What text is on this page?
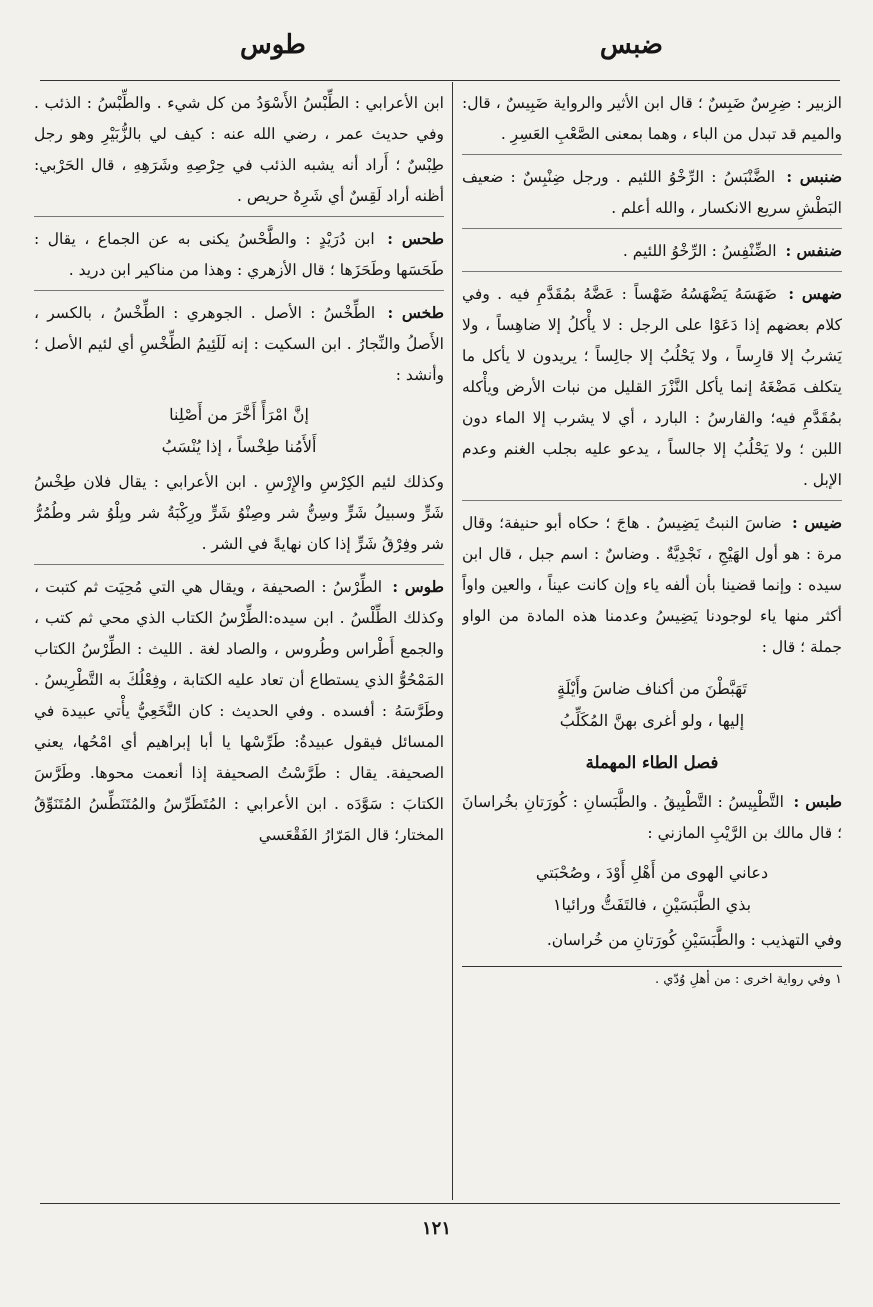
طوس	ضبس

الزبير : ضِرِسٌ ضَبِسٌ ؛ قال ابن الأثير والرواية ضَبِيسٌ ، قال: والميم قد تبدل من الباء ، وهما بمعنى الصَّعْبِ العَسِرِ .

ضنبس : الضَّنْبَسُ : الرِّخْوُ اللئيم . ورجل ضِنْبِسٌ : ضعيف البَطْشِ سريع الانكسار ، والله أعلم .

ضنفس : الضِّنْفِسُ : الرِّخْوُ اللئيم .

ضهس : ضَهَسَهُ يَضْهَسُهُ ضَهْساً : عَضَّهُ بمُقَدَّمِ فيه . وفي كلام بعضهم إذا دَعَوْا على الرجل : لا يأْكلُ إلا ضاهِساً ، ولا يَشربُ إلا قارِساً ، ولا يَحْلُبُ إلا جالِساً ؛ يريدون لا يأكل ما يتكلف مَضْغَهُ إنما يأكل النَّزْرَ القليل من نبات الأرض ويأْكله بمُقَدَّمِ فيه؛ والقارسُ : البارد ، أي لا يشرب إلا الماء دون اللبن ؛ ولا يَحْلُبُ إلا جالساً ، يدعو عليه بجلب الغنم وعدم الإبل .

ضيس : ضاسَ النبتُ يَضِيسُ . هاجَ ؛ حكاه أبو حنيفة؛ وقال مرة : هو أول الهَيْجِ ، نَجْدِيَّةٌ . وضاسٌ : اسم جبل ، قال ابن سيده : وإنما قضينا بأن ألفه ياء وإن كانت عيناً ، والعين واواً أكثر منها ياء لوجودنا يَضِيسُ وعدمنا هذه المادة من الواو جملة ؛ قال :

تَهَبَّطْنَ من أكناف ضاسَ وأَيْلَةٍ
إليها ، ولو أغرى بهنَّ المُكَلِّبُ
فصل الطاء المهملة

طبس : التَّطْبِيسُ : التَّطْبِيقُ . والطَّبَسانِ : كُورَتانِ بخُراسانَ ؛ قال مالك بن الرَّيْبِ المازني :

دعاني الهوى من أَهْلِ أَوْدَ ، وصُحْبَتي
بذي الطَّبَسَيْنِ ، فالتَفَتُّ ورائيا١

وفي التهذيب : والطَّبَسَيْنِ كُورَتانِ من خُراسان.

١ وفي رواية اخرى : من أهلِ وُدّي .

ابن الأعرابي : الطِّبْسُ الأَسْوَدُ من كل شيء . والطِّبْسُ : الذئب . وفي حديث عمر ، رضي الله عنه : كيف لي بالزُّبَيْرِ وهو رجل طِبْسٌ ؛ أَراد أنه يشبه الذئب في حِرْصِهِ وشَرَهِهِ ، قال الحَرْبي: أظنه أراد لَقِسٌ أي شَرِهٌ حريص .

طحس : ابن دُرَيْدٍ : والطَّحْسُ يكنى به عن الجماع ، يقال : طَحَسَها وطَحَزَها ؛ قال الأزهري : وهذا من مناكير ابن دريد .

طخس : الطِّخْسُ : الأصل . الجوهري : الطِّخْسُ ، بالكسر ، الأَصلُ والنِّجارُ . ابن السكيت : إنه لَلَئِيمُ الطِّخْسِ أي لئيم الأصل ؛ وأنشد :

إنَّ امْرَأً أَخَّرَ من أَصْلِنا
أَلأَمُنا طِخْساً ، إذا يُنْسَبُ

وكذلك لئيم الكِرْسِ والإِرْسِ . ابن الأعرابي : يقال فلان طِخْسُ شَرٍّ وسبيلُ شَرٍّ وسِنُّ شر وصِنْوُ شَرٍّ ورِكْبَةُ شر وبِلْوُ شر وطُمُرُّ شر وفِرْقُ شَرٍّ إذا كان نهايةً في الشر .

طوس : الطِّرْسُ : الصحيفة ، ويقال هي التي مُحِيَت ثم كتبت ، وكذلك الطِّلْسُ . ابن سيده:الطِّرْسُ الكتاب الذي محي ثم كتب ، والجمع أَطْراس وطُروس ، والصاد لغة . الليث : الطِّرْسُ الكتاب المَمْحُوُّ الذي يستطاع أن تعاد عليه الكتابة ، وفِعْلُكَ به التَّطْرِيسُ . وطَرَّسَهُ : أفسده . وفي الحديث : كان النَّخَعِيُّ يأْتي عبيدة في المسائل فيقول عبيدةُ: طَرِّسْها يا أبا إبراهيم أي امْحُها، يعني الصحيفة. يقال : طَرَّسْتُ الصحيفة إذا أنعمت محوها. وطَرَّسَ الكتابَ : سَوَّدَه . ابن الأعرابي : المُتَطَرِّسُ والمُتَنَطِّسُ المُتَنَوِّقُ المختار؛ قال المَرّارُ الفَقْعَسي

١٢١
